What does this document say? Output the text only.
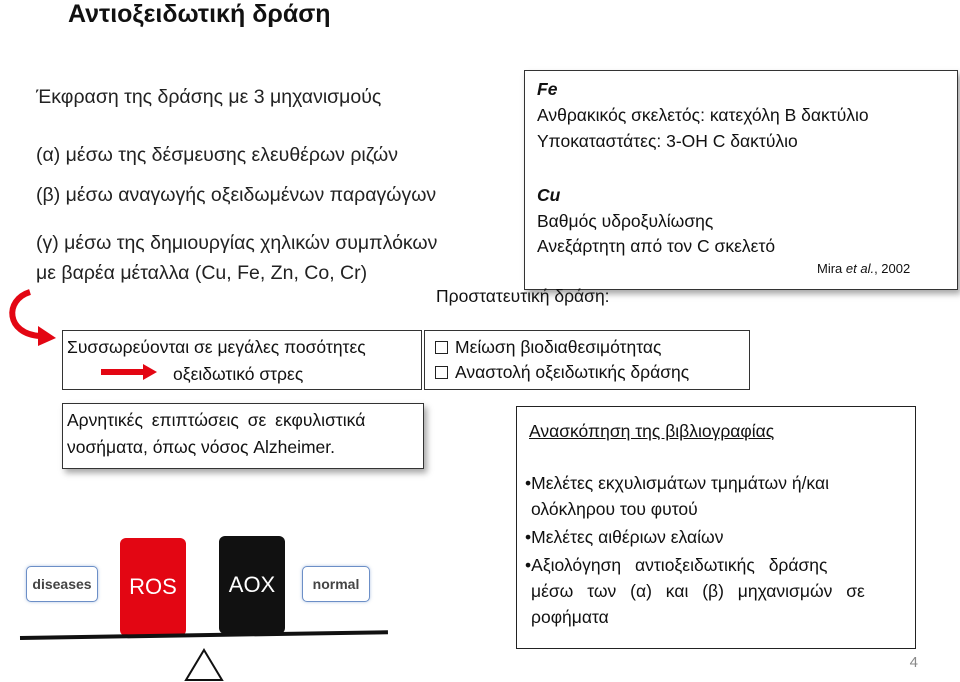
Αντιοξειδωτική δράση
Έκφραση της δράσης με 3 μηχανισμούς
(α) μέσω της δέσμευσης ελευθέρων ριζών
(β) μέσω αναγωγής οξειδωμένων παραγώγων
(γ) μέσω της δημιουργίας χηλικών συμπλόκων
με βαρέα μέταλλα (Cu, Fe, Zn, Co, Cr)
Fe
Ανθρακικός σκελετός: κατεχόλη B δακτύλιο
Υποκαταστάτες: 3-OH C δακτύλιο
Cu
Βαθμός υδροξυλίωσης
Ανεξάρτητη από τον C σκελετό
Mira et al., 2002
Προστατευτική δράση:
Συσσωρεύονται σε μεγάλες ποσότητες
οξειδωτικό στρες
Μείωση βιοδιαθεσιμότητας
Αναστολή οξειδωτικής δράσης
Αρνητικές επιπτώσεις σε εκφυλιστικά
νοσήματα, όπως νόσος Alzheimer.
Ανασκόπηση της βιβλιογραφίας
•Μελέτες εκχυλισμάτων τμημάτων ή/και
ολόκληρου του φυτού
•Μελέτες αιθέριων ελαίων
•Αξιολόγηση αντιοξειδωτικής δράσης
μέσω των (α) και (β) μηχανισμών σε
ροφήματα
diseases	ROS	AOX	normal
4
